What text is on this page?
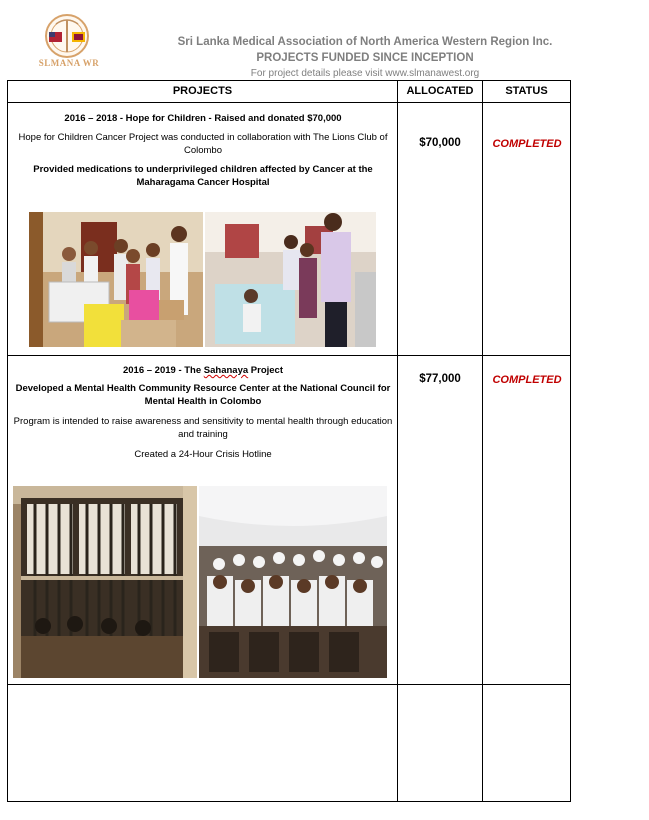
SLMANA WR
Sri Lanka Medical Association of North America Western Region Inc.
PROJECTS FUNDED SINCE INCEPTION
For project details please visit www.slmanawest.org
PROJECTS	ALLOCATED	STATUS
2016 – 2018 - Hope for Children - Raised and donated $70,000
Hope for Children Cancer Project was conducted in collaboration with The Lions Club of Colombo
Provided medications to underprivileged children affected by Cancer at the Maharagama Cancer Hospital
$70,000	COMPLETED
2016 – 2019 - The Sahanaya Project
Developed a Mental Health Community Resource Center at the National Council for Mental Health in Colombo
Program is intended to raise awareness and sensitivity to mental health through education and training
Created a 24-Hour Crisis Hotline
$77,000	COMPLETED
